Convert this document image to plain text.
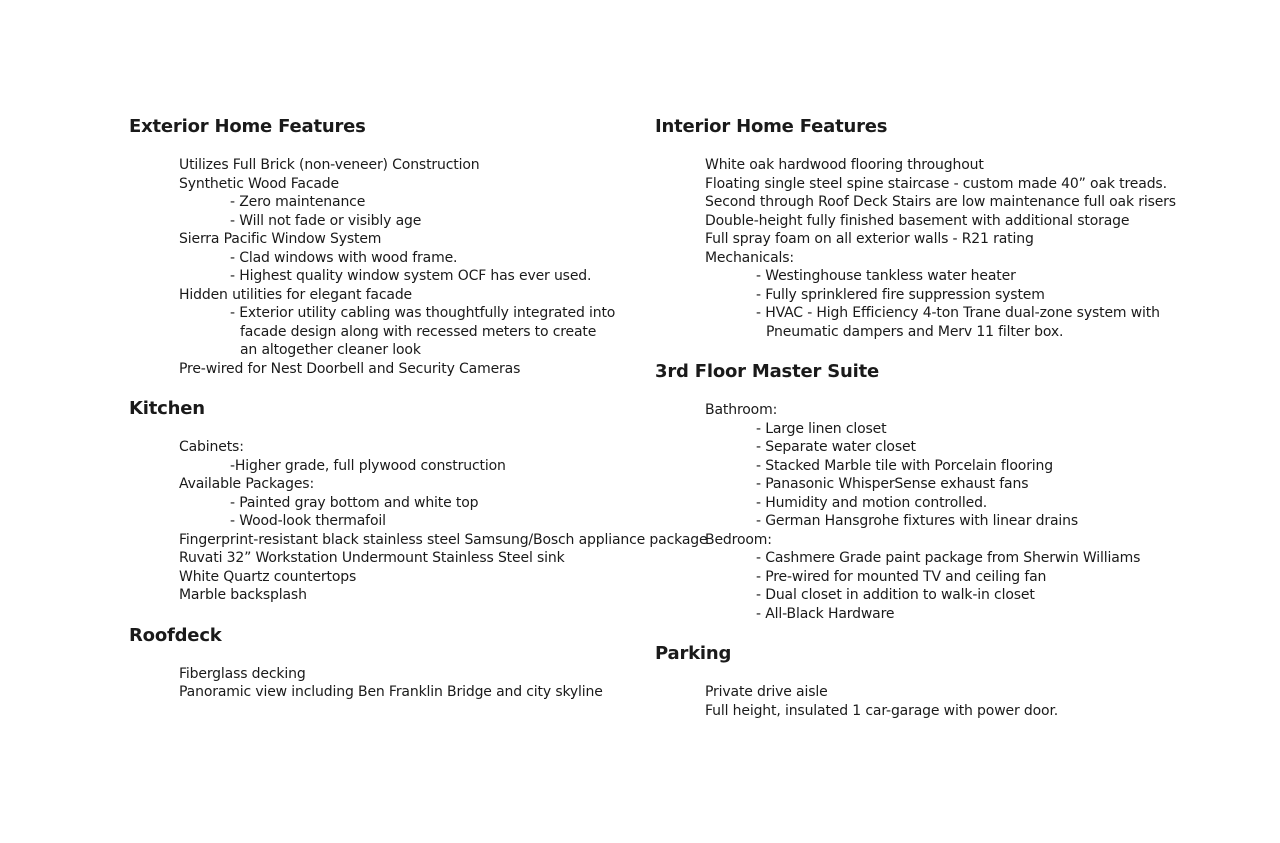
Exterior Home Features
Utilizes Full Brick (non-veneer) Construction
Synthetic Wood Facade
- Zero maintenance
- Will not fade or visibly age
Sierra Pacific Window System
- Clad windows with wood frame.
- Highest quality window system OCF has ever used.
Hidden utilities for elegant facade
- Exterior utility cabling was thoughtfully integrated into
facade design along with recessed meters to create
an altogether cleaner look
Pre-wired for Nest Doorbell and Security Cameras
Kitchen
Cabinets:
-Higher grade, full plywood construction
Available Packages:
- Painted gray bottom and white top
- Wood-look thermafoil
Fingerprint-resistant black stainless steel Samsung/Bosch appliance package
Ruvati 32” Workstation Undermount Stainless Steel sink
White Quartz countertops
Marble backsplash
Roofdeck
Fiberglass decking
Panoramic view including Ben Franklin Bridge and city skyline
Interior Home Features
White oak hardwood flooring throughout
Floating single steel spine staircase - custom made 40” oak treads.
Second through Roof Deck Stairs are low maintenance full oak risers
Double-height fully finished basement with additional storage
Full spray foam on all exterior walls - R21 rating
Mechanicals:
- Westinghouse tankless water heater
- Fully sprinklered fire suppression system
- HVAC - High Efficiency 4-ton Trane dual-zone system with
Pneumatic dampers and Merv 11 filter box.
3rd Floor Master Suite
Bathroom:
- Large linen closet
- Separate water closet
- Stacked Marble tile with Porcelain flooring
- Panasonic WhisperSense exhaust fans
- Humidity and motion controlled.
- German Hansgrohe fixtures with linear drains
Bedroom:
- Cashmere Grade paint package from Sherwin Williams
- Pre-wired for mounted TV and ceiling fan
- Dual closet in addition to walk-in closet
- All-Black Hardware
Parking
Private drive aisle
Full height, insulated 1 car-garage with power door.
